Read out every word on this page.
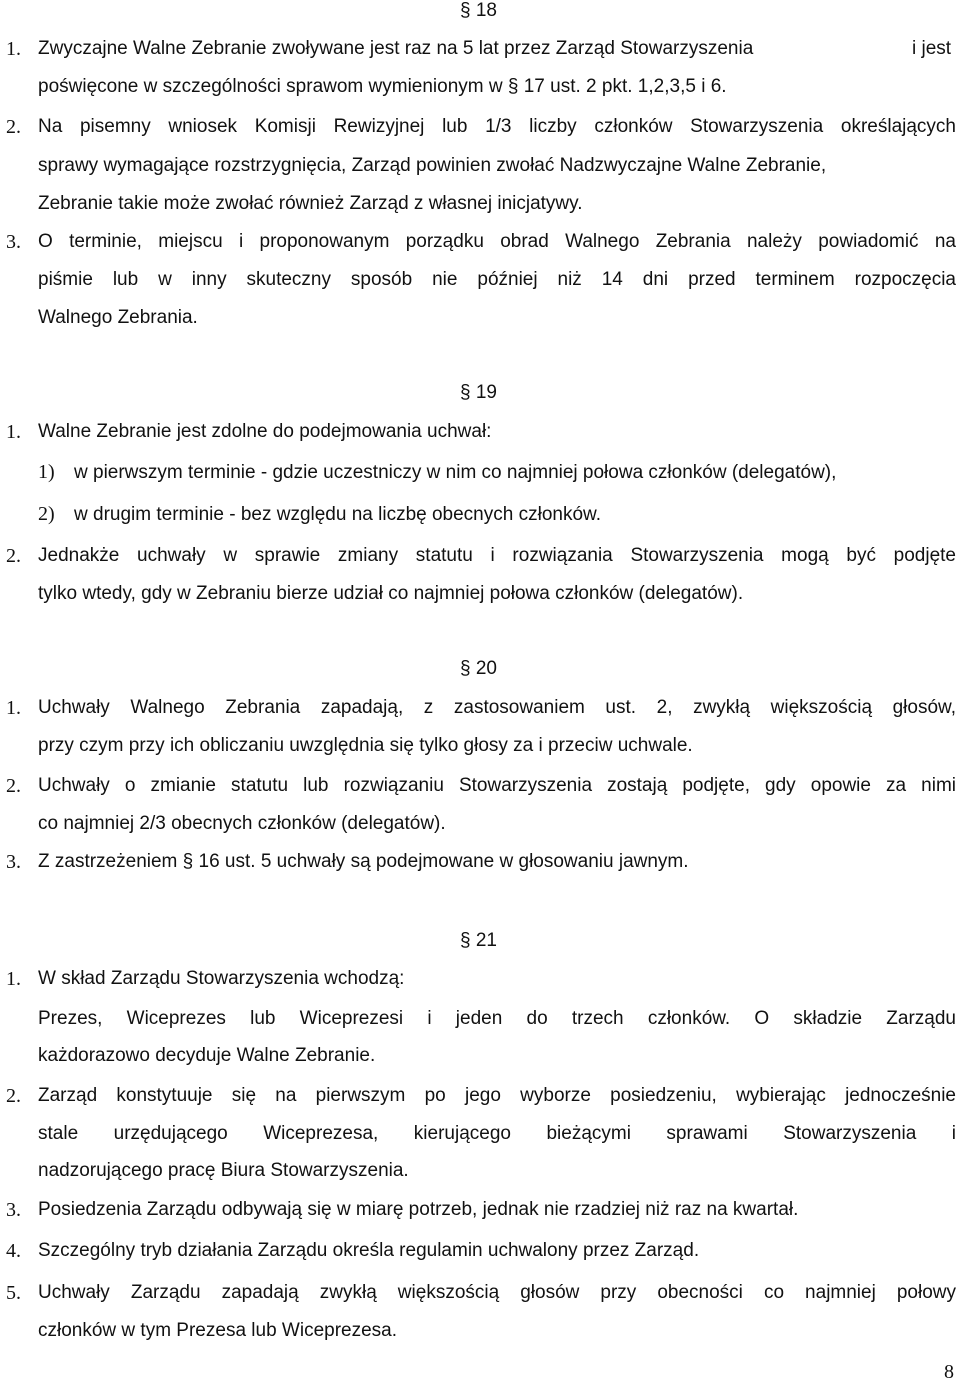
§ 18
1. Zwyczajne Walne Zebranie zwoływane jest raz na 5 lat przez Zarząd Stowarzyszenia	i jest
poświęcone w szczególności sprawom wymienionym w § 17 ust. 2 pkt. 1,2,3,5 i 6.
2. Na pisemny wniosek Komisji Rewizyjnej lub 1/3 liczby członków Stowarzyszenia określających
sprawy wymagające rozstrzygnięcia, Zarząd powinien zwołać Nadzwyczajne Walne Zebranie,
Zebranie takie może zwołać również Zarząd z własnej inicjatywy.
3. O terminie, miejscu i proponowanym porządku obrad Walnego Zebrania należy powiadomić na
piśmie lub w inny skuteczny sposób nie później niż 14 dni przed terminem rozpoczęcia
Walnego Zebrania.
§ 19
1. Walne Zebranie jest zdolne do podejmowania uchwał:
1) w pierwszym terminie - gdzie uczestniczy w nim co najmniej połowa członków (delegatów),
2) w drugim terminie - bez względu na liczbę obecnych członków.
2. Jednakże uchwały w sprawie zmiany statutu i rozwiązania Stowarzyszenia mogą być podjęte
tylko wtedy, gdy w Zebraniu bierze udział co najmniej połowa członków (delegatów).
§ 20
1. Uchwały Walnego Zebrania zapadają, z zastosowaniem ust. 2, zwykłą większością głosów,
przy czym przy ich obliczaniu uwzględnia się tylko głosy za i przeciw uchwale.
2. Uchwały o zmianie statutu lub rozwiązaniu Stowarzyszenia zostają podjęte, gdy opowie za nimi
co najmniej 2/3 obecnych członków (delegatów).
3. Z zastrzeżeniem § 16 ust. 5 uchwały są podejmowane w głosowaniu jawnym.
§ 21
1. W skład Zarządu Stowarzyszenia wchodzą:
Prezes, Wiceprezes lub Wiceprezesi i jeden do trzech członków. O składzie Zarządu
każdorazowo decyduje Walne Zebranie.
2. Zarząd konstytuuje się na pierwszym po jego wyborze posiedzeniu, wybierając jednocześnie
stale urzędującego Wiceprezesa, kierującego bieżącymi sprawami Stowarzyszenia i
nadzorującego pracę Biura Stowarzyszenia.
3. Posiedzenia Zarządu odbywają się w miarę potrzeb, jednak nie rzadziej niż raz na kwartał.
4. Szczególny tryb działania Zarządu określa regulamin uchwalony przez Zarząd.
5. Uchwały Zarządu zapadają zwykłą większością głosów przy obecności co najmniej połowy
członków w tym Prezesa lub Wiceprezesa.
8
